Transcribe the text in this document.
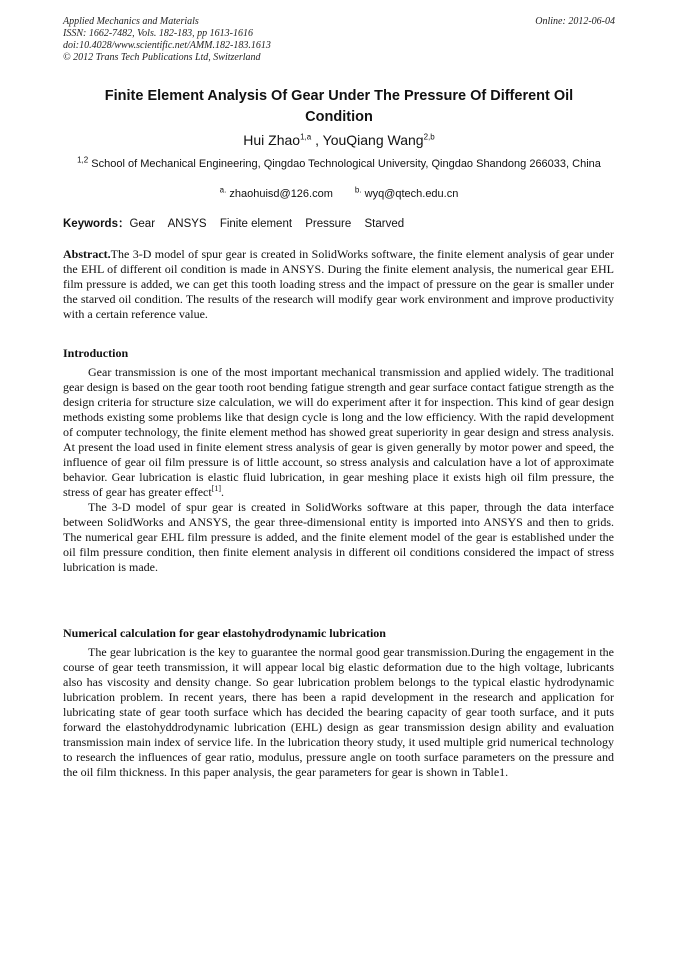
Applied Mechanics and Materials
ISSN: 1662-7482, Vols. 182-183, pp 1613-1616
doi:10.4028/www.scientific.net/AMM.182-183.1613
© 2012 Trans Tech Publications Ltd, Switzerland
Online: 2012-06-04
Finite Element Analysis Of Gear Under The Pressure Of Different Oil Condition
Hui Zhao$^{1,a}$ , YouQiang Wang$^{2,b}$
$^{1,2}$ School of Mechanical Engineering, Qingdao Technological University, Qingdao Shandong 266033, China
$^{a.}$ zhaohuisd@126.com	$^{b.}$ wyq@qtech.edu.cn
Keywords：Gear ANSYS Finite element Pressure Starved
Abstract.The 3-D model of spur gear is created in SolidWorks software, the finite element analysis of gear under the EHL of different oil condition is made in ANSYS. During the finite element analysis, the numerical gear EHL film pressure is added, we can get this tooth loading stress and the impact of pressure on the gear is smaller under the starved oil condition. The results of the research will modify gear work environment and improve productivity with a certain reference value.
Introduction

Gear transmission is one of the most important mechanical transmission and applied widely. The traditional gear design is based on the gear tooth root bending fatigue strength and gear surface contact fatigue strength as the design criteria for structure size calculation, we will do experiment after it for inspection. This kind of gear design methods existing some problems like that design cycle is long and the low efficiency. With the rapid development of computer technology, the finite element method has showed great superiority in gear design and stress analysis. At present the load used in finite element stress analysis of gear is given generally by motor power and speed, the influence of gear oil film pressure is of little account, so stress analysis and calculation have a lot of approximate behavior. Gear lubrication is elastic fluid lubrication, in gear meshing place it exists high oil film pressure, the stress of gear has greater effect[1].

The 3-D model of spur gear is created in SolidWorks software at this paper, through the data interface between SolidWorks and ANSYS, the gear three-dimensional entity is imported into ANSYS and then to grids. The numerical gear EHL film pressure is added, and the finite element model of the gear is established under the oil film pressure condition, then finite element analysis in different oil conditions considered the impact of stress lubrication is made.

Numerical calculation for gear elastohydrodynamic lubrication

The gear lubrication is the key to guarantee the normal good gear transmission.During the engagement in the course of gear teeth transmission, it will appear local big elastic deformation due to the high voltage, lubricants also has viscosity and density change. So gear lubrication problem belongs to the typical elastic hydrodynamic lubrication problem. In recent years, there has been a rapid development in the research and application for lubricating state of gear tooth surface which has decided the bearing capacity of gear tooth surface, and it puts forward the elastohyddrodynamic lubrication (EHL) design as gear transmission design ability and evaluation transmission main index of service life. In the lubrication theory study, it used multiple grid numerical technology to research the influences of gear ratio, modulus, pressure angle on tooth surface parameters on the pressure and the oil film thickness. In this paper analysis, the gear parameters for gear is shown in Table1.
